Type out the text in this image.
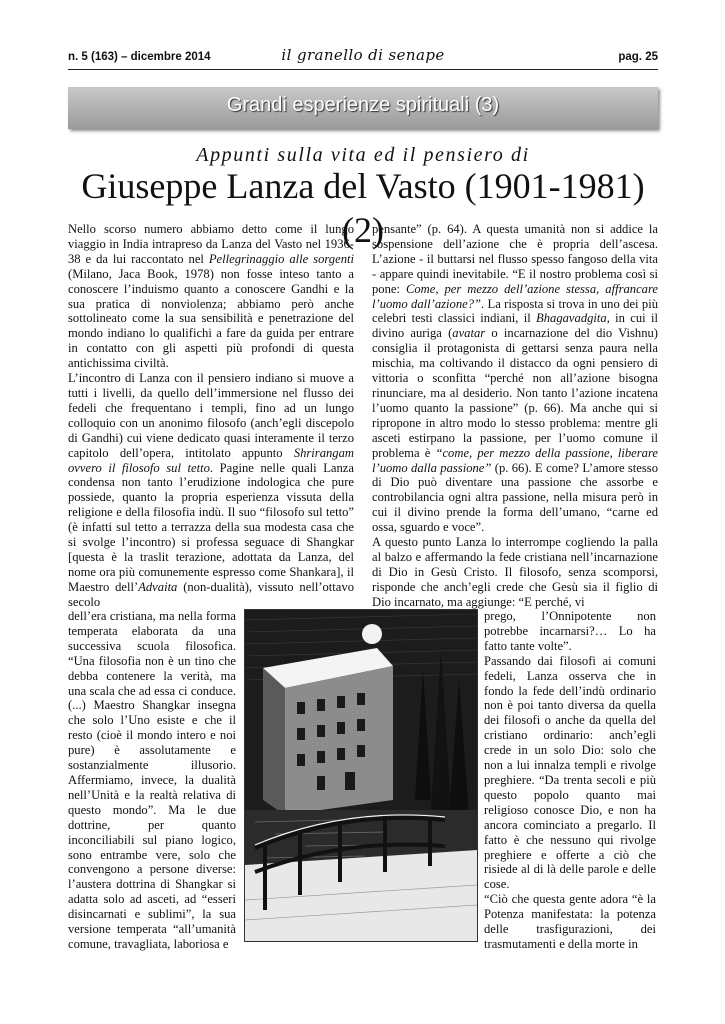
n. 5 (163) – dicembre 2014	il granello di senape	pag. 25
Grandi esperienze spirituali (3)
Appunti sulla vita ed il pensiero di
Giuseppe Lanza del Vasto (1901-1981) (2)

Nello scorso numero abbiamo detto come il lungo viaggio in India intrapreso da Lanza del Vasto nel 1936-38 e da lui raccontato nel Pellegrinaggio alle sorgenti (Milano, Jaca Book, 1978) non fosse inteso tanto a conoscere l’induismo quanto a conoscere Gandhi e la sua pratica di nonviolenza; abbiamo però anche sottolineato come la sua sensibilità e penetrazione del mondo indiano lo qualifichi a fare da guida per entrare in contatto con gli aspetti più profondi di questa antichissima civiltà.

L’incontro di Lanza con il pensiero indiano si muove a tutti i livelli, da quello dell’immersione nel flusso dei fedeli che frequentano i templi, fino ad un lungo colloquio con un anonimo filosofo (anch’egli discepolo di Gandhi) cui viene dedicato quasi interamente il terzo capitolo dell’opera, intitolato appunto Shrirangam ovvero il filosofo sul tetto. Pagine nelle quali Lanza condensa non tanto l’erudizione indologica che pure possiede, quanto la propria esperienza vissuta della religione e della filosofia indù. Il suo “filosofo sul tetto” (è infatti sul tetto a terrazza della sua modesta casa che si svolge l’incontro) si professa seguace di Shangkar [questa è la traslit terazione, adottata da Lanza, del nome ora più comunemente espresso come Shankara], il Maestro dell’Advaita (non-dualità), vissuto nell’ottavo secolo

dell’era cristiana, ma nella forma temperata elaborata da una successiva scuola filosofica. “Una filosofia non è un tino che debba contenere la verità, ma una scala che ad essa ci conduce. (...) Maestro Shangkar insegna che solo l’Uno esiste e che il resto (cioè il mondo intero e noi pure) è assolutamente e sostanzialmente illusorio. Affermiamo, invece, la dualità nell’Unità e la realtà relativa di questo mondo”. Ma le due dottrine, per quanto inconciliabili sul piano logico, sono entrambe vere, solo che convengono a persone diverse: l’austera dottrina di Shangkar si adatta solo ad asceti, ad “esseri disincarnati e sublimi”, la sua versione temperata “all’umanità comune, travagliata, laboriosa e

pensante” (p. 64). A questa umanità non si addice la sospensione dell’azione che è propria dell’ascesa. L’azione - il buttarsi nel flusso spesso fangoso della vita - appare quindi inevitabile. “E il nostro problema così si pone: Come, per mezzo dell’azione stessa, affrancare l’uomo dall’azione?”. La risposta si trova in uno dei più celebri testi classici indiani, il Bhagavadgita, in cui il divino auriga (avatar o incarnazione del dio Vishnu) consiglia il protagonista di gettarsi senza paura nella mischia, ma coltivando il distacco da ogni pensiero di vittoria o sconfitta “perché non all’azione bisogna rinunciare, ma al desiderio. Non tanto l’azione incatena l’uomo quanto la passione” (p. 66). Ma anche qui si ripropone in altro modo lo stesso problema: mentre gli asceti estirpano la passione, per l’uomo comune il problema è “come, per mezzo della passione, liberare l’uomo dalla passione” (p. 66). E come? L’amore stesso di Dio può diventare una passione che assorbe e controbilancia ogni altra passione, nella misura però in cui il divino prende la forma dell’umano, “carne ed ossa, sguardo e voce”.

A questo punto Lanza lo interrompe cogliendo la palla al balzo e affermando la fede cristiana nell’incarnazione di Dio in Gesù Cristo. Il filosofo, senza scomporsi, risponde che anch’egli crede che Gesù sia il figlio di Dio incarnato, ma aggiunge: “E perché, vi

prego, l’Onnipotente non potrebbe incarnarsi?… Lo ha fatto tante volte”.

Passando dai filosofi ai comuni fedeli, Lanza osserva che in fondo la fede dell’indù ordinario non è poi tanto diversa da quella dei filosofi o anche da quella del cristiano ordinario: anch’egli crede in un solo Dio: solo che non a lui innalza templi e rivolge preghiere. “Da trenta secoli e più questo popolo quanto mai religioso conosce Dio, e non ha ancora cominciato a pregarlo. Il fatto è che nessuno qui rivolge preghiere e offerte a ciò che risiede al di là delle parole e delle cose.

“Ciò che questa gente adora “è la Potenza manifestata: la potenza delle trasfigurazioni, dei trasmutamenti e della morte in
